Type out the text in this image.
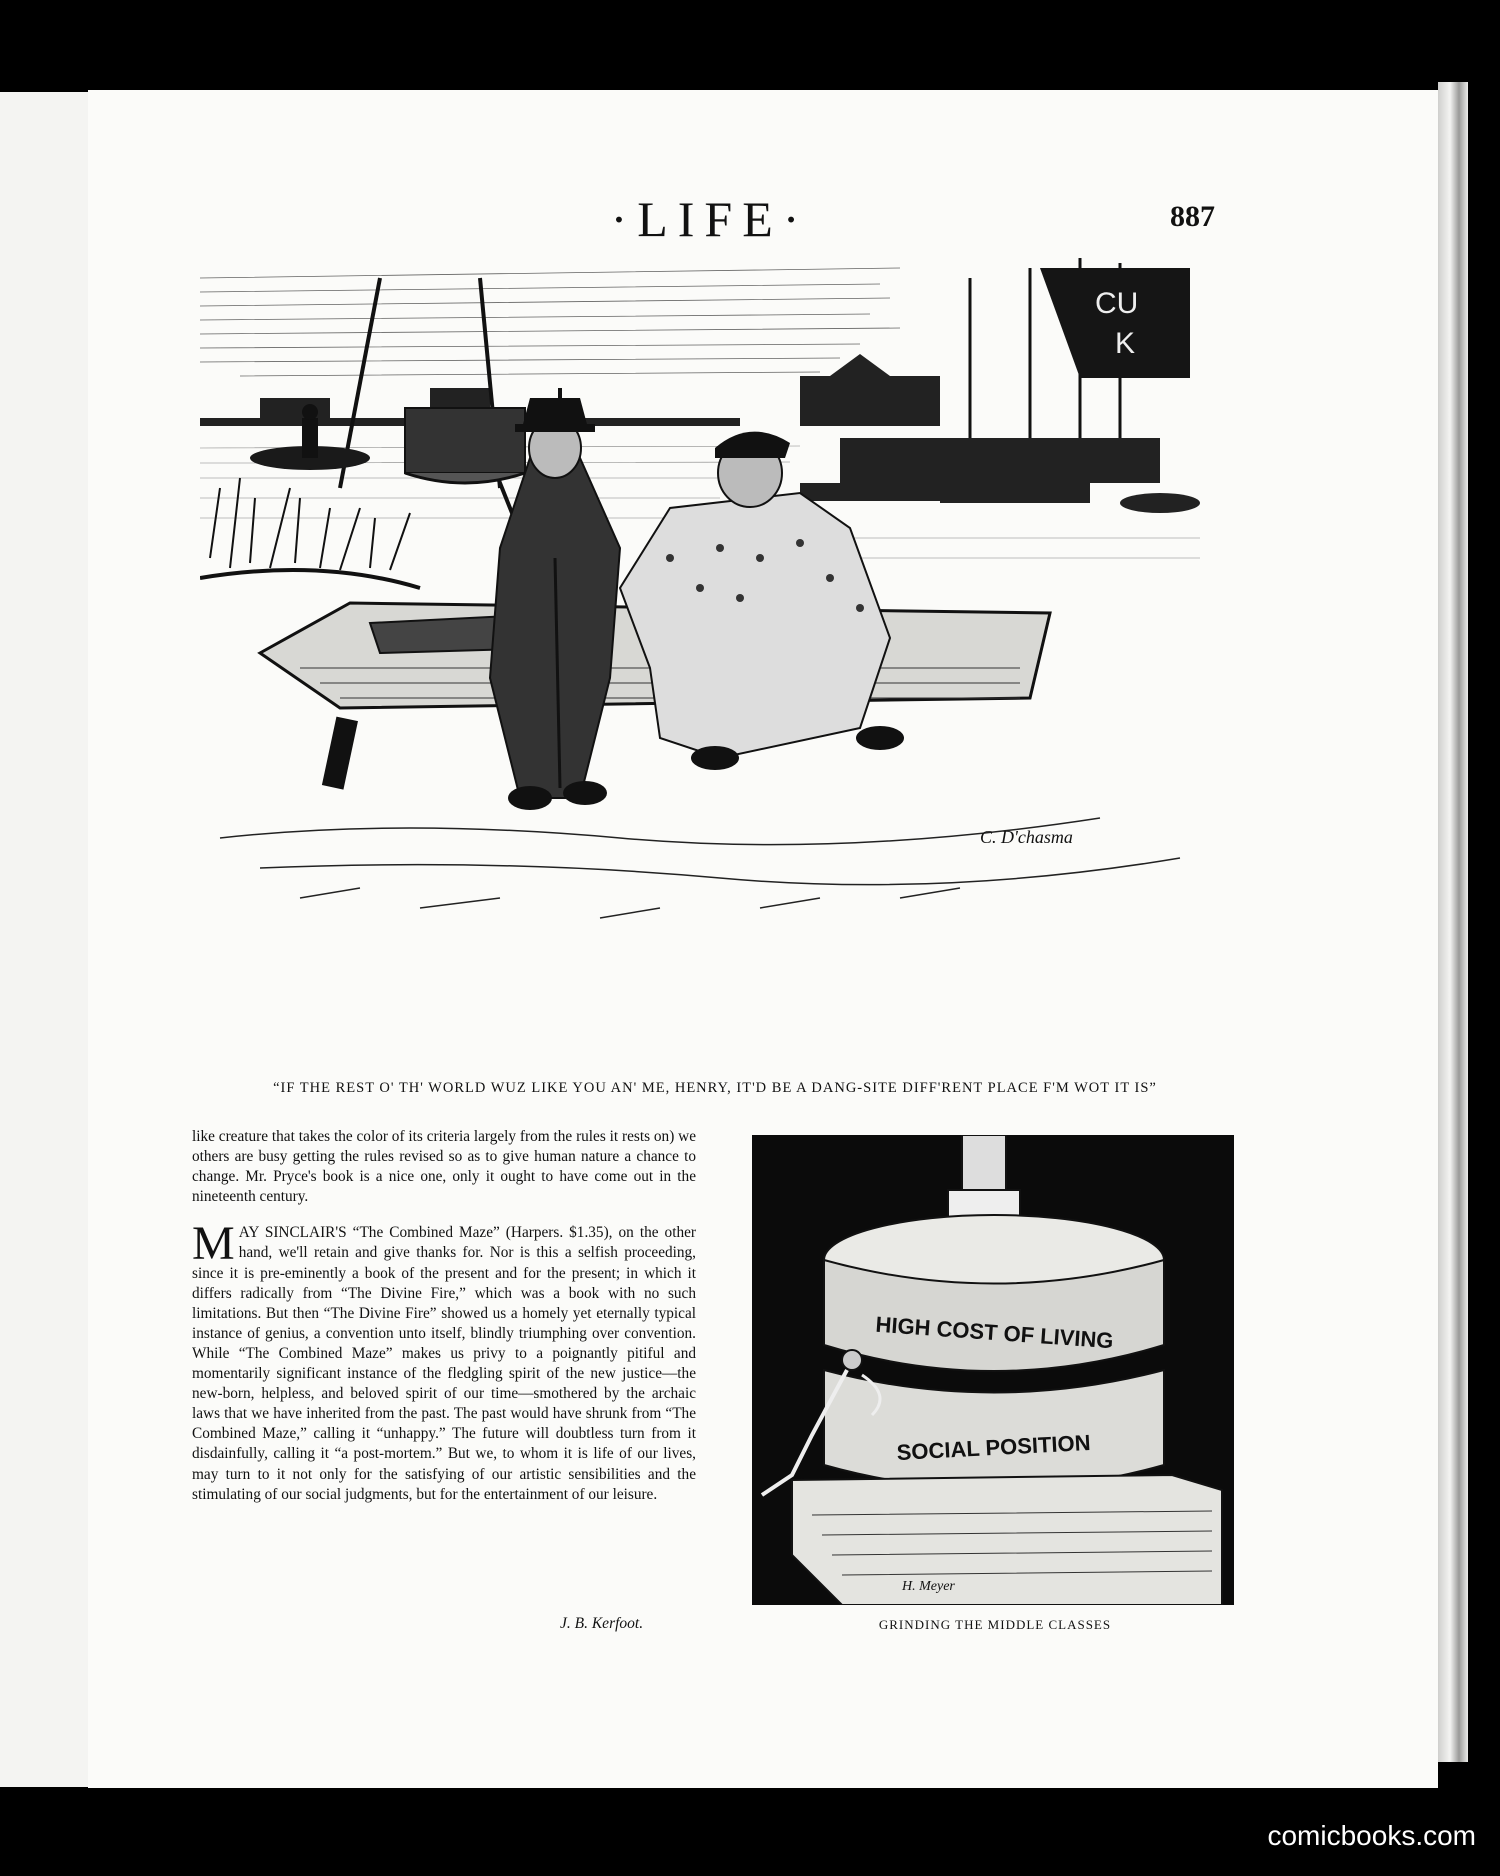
·LIFE·	887
CU
K
C. D'chasma
“IF THE REST O' TH' WORLD WUZ LIKE YOU AN' ME, HENRY, IT'D BE A DANG-SITE DIFF'RENT PLACE F'M WOT IT IS”

like creature that takes the color of its criteria largely from the rules it rests on) we others are busy getting the rules revised so as to give human nature a chance to change. Mr. Pryce's book is a nice one, only it ought to have come out in the nineteenth century.

M AY SINCLAIR'S “The Combined Maze” (Harpers. $1.35), on the other hand, we'll retain and give thanks for. Nor is this a selfish proceeding, since it is pre-eminently a book of the present and for the present; in which it differs radically from “The Divine Fire,” which was a book with no such limitations. But then “The Divine Fire” showed us a homely yet eternally typical instance of genius, a convention unto itself, blindly triumphing over convention. While “The Combined Maze” makes us privy to a poignantly pitiful and momentarily significant instance of the fledgling spirit of the new justice—the new-born, helpless, and beloved spirit of our time—smothered by the archaic laws that we have inherited from the past. The past would have shrunk from “The Combined Maze,” calling it “unhappy.” The future will doubtless turn from it disdainfully, calling it “a post-mortem.” But we, to whom it is life of our lives, may turn to it not only for the satisfying of our artistic sensibilities and the stimulating of our social judgments, but for the entertainment of our leisure.

J. B. Kerfoot.
HIGH COST OF LIVING
SOCIAL POSITION
H. Meyer
GRINDING THE MIDDLE CLASSES
comicbooks.com
